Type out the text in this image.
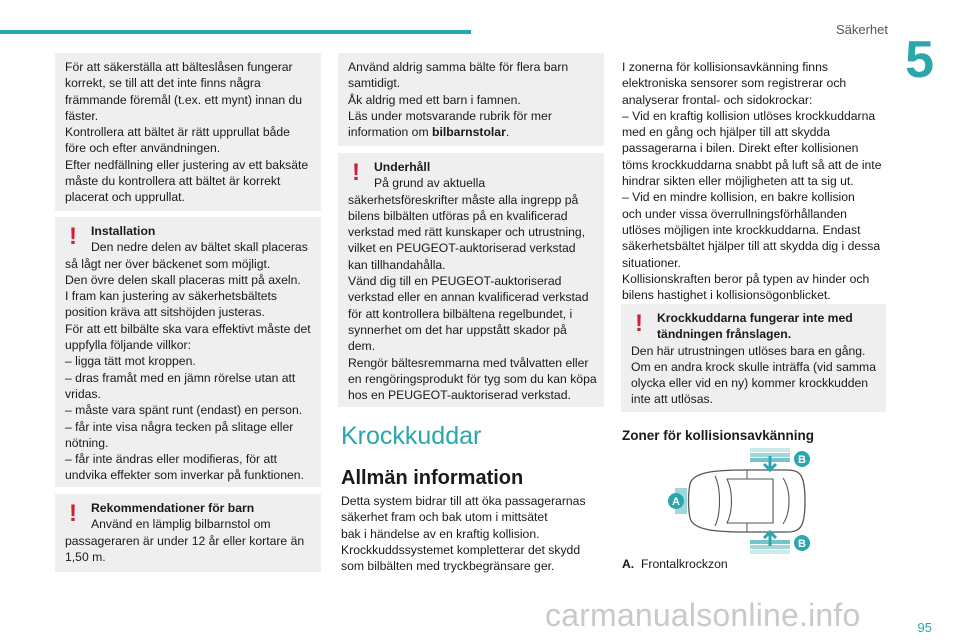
Säkerhet
5
För att säkerställa att bälteslåsen fungerar
korrekt, se till att det inte finns några
främmande föremål (t.ex. ett mynt) innan du
fäster.
Kontrollera att bältet är rätt upprullat både
före och efter användningen.
Efter nedfällning eller justering av ett baksäte
måste du kontrollera att bältet är korrekt
placerat och upprullat.
!	Installation
Den nedre delen av bältet skall placeras
så lågt ner över bäckenet som möjligt.
Den övre delen skall placeras mitt på axeln.
I fram kan justering av säkerhetsbältets
position kräva att sitshöjden justeras.
För att ett bilbälte ska vara effektivt måste det
uppfylla följande villkor:
– ligga tätt mot kroppen.
– dras framåt med en jämn rörelse utan att
vridas.
– måste vara spänt runt (endast) en person.
– får inte visa några tecken på slitage eller
nötning.
– får inte ändras eller modifieras, för att
undvika effekter som inverkar på funktionen.
!	Rekommendationer för barn
Använd en lämplig bilbarnstol om
passageraren är under 12 år eller kortare än
1,50 m.
Använd aldrig samma bälte för flera barn
samtidigt.
Åk aldrig med ett barn i famnen.
Läs under motsvarande rubrik för mer
information om bilbarnstolar.
!	Underhåll
På grund av aktuella
säkerhetsföreskrifter måste alla ingrepp på
bilens bilbälten utföras på en kvalificerad
verkstad med rätt kunskaper och utrustning,
vilket en PEUGEOT-auktoriserad verkstad
kan tillhandahålla.
Vänd dig till en PEUGEOT-auktoriserad
verkstad eller en annan kvalificerad verkstad
för att kontrollera bilbältena regelbundet, i
synnerhet om det har uppstått skador på
dem.
Rengör bältesremmarna med tvålvatten eller
en rengöringsprodukt för tyg som du kan köpa
hos en PEUGEOT-auktoriserad verkstad.
Krockkuddar
Allmän information
Detta system bidrar till att öka passagerarnas
säkerhet fram och bak utom i mittsätet
bak i händelse av en kraftig kollision.
Krockkuddssystemet kompletterar det skydd
som bilbälten med tryckbegränsare ger.
I zonerna för kollisionsavkänning finns
elektroniska sensorer som registrerar och
analyserar frontal- och sidokrockar:
– Vid en kraftig kollision utlöses krockkuddarna
med en gång och hjälper till att skydda
passagerarna i bilen. Direkt efter kollisionen
töms krockkuddarna snabbt på luft så att de inte
hindrar sikten eller möjligheten att ta sig ut.
– Vid en mindre kollision, en bakre kollision
och under vissa överrullningsförhållanden
utlöses möjligen inte krockkuddarna. Endast
säkerhetsbältet hjälper till att skydda dig i dessa
situationer.
Kollisionskraften beror på typen av hinder och
bilens hastighet i kollisionsögonblicket.
!	Krockkuddarna fungerar inte med
tändningen frånslagen.
Den här utrustningen utlöses bara en gång.
Om en andra krock skulle inträffa (vid samma
olycka eller vid en ny) kommer krockkudden
inte att utlösas.
Zoner för kollisionsavkänning
A
B
B
A. Frontalkrockzon
carmanualsonline.info	95
